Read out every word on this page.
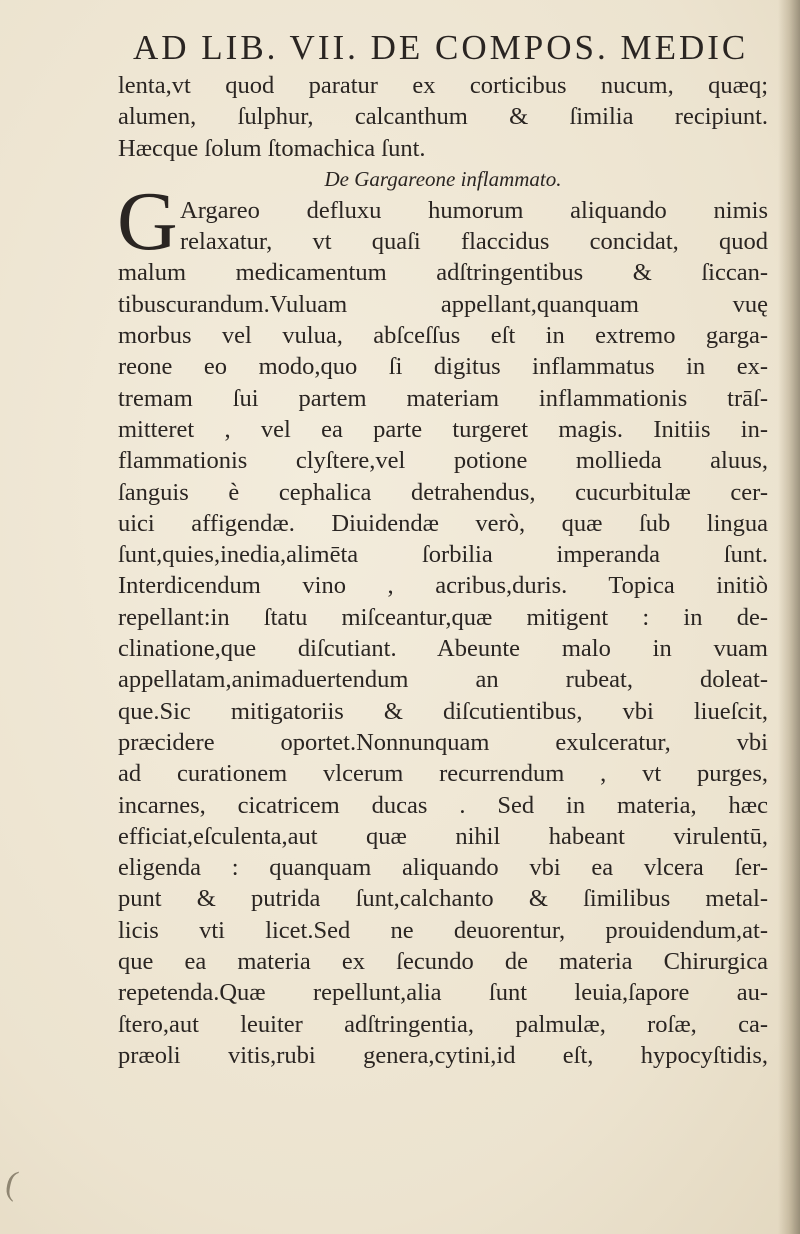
AD LIB. VII. DE COMPOS. MEDIC
G
lenta,vt quod paratur ex corticibus nucum, quæq;
alumen, ſulphur, calcanthum & ſimilia recipiunt.
Hæcque ſolum ſtomachica ſunt.
De Gargareone inflammato.
Argareo defluxu humorum aliquando nimis
relaxatur, vt quaſi flaccidus concidat, quod
malum medicamentum adſtringentibus & ſiccan-
tibuscurandum.Vuluam appellant,quanquam vuę
morbus vel vulua, abſceſſus eſt in extremo garga-
reone eo modo,quo ſi digitus inflammatus in ex-
tremam ſui partem materiam inflammationis trāſ-
mitteret , vel ea parte turgeret magis. Initiis in-
flammationis clyſtere,vel potione mollieda aluus,
ſanguis è cephalica detrahendus, cucurbitulæ cer-
uici affigendæ. Diuidendæ verò, quæ ſub lingua
ſunt,quies,inedia,alimēta ſorbilia imperanda ſunt.
Interdicendum vino , acribus,duris. Topica initiò
repellant:in ſtatu miſceantur,quæ mitigent : in de-
clinatione,que diſcutiant. Abeunte malo in vuam
appellatam,animaduertendum an rubeat, doleat-
que.Sic mitigatoriis & diſcutientibus, vbi liueſcit,
præcidere oportet.Nonnunquam exulceratur, vbi
ad curationem vlcerum recurrendum , vt purges,
incarnes, cicatricem ducas . Sed in materia, hæc
efficiat,eſculenta,aut quæ nihil habeant virulentū,
eligenda : quanquam aliquando vbi ea vlcera ſer-
punt & putrida ſunt,calchanto & ſimilibus metal-
licis vti licet.Sed ne deuorentur, prouidendum,at-
que ea materia ex ſecundo de materia Chirurgica
repetenda.Quæ repellunt,alia ſunt leuia,ſapore au-
ſtero,aut leuiter adſtringentia, palmulæ, roſæ, ca-
præoli vitis,rubi genera,cytini,id eſt, hypocyſtidis,
(
